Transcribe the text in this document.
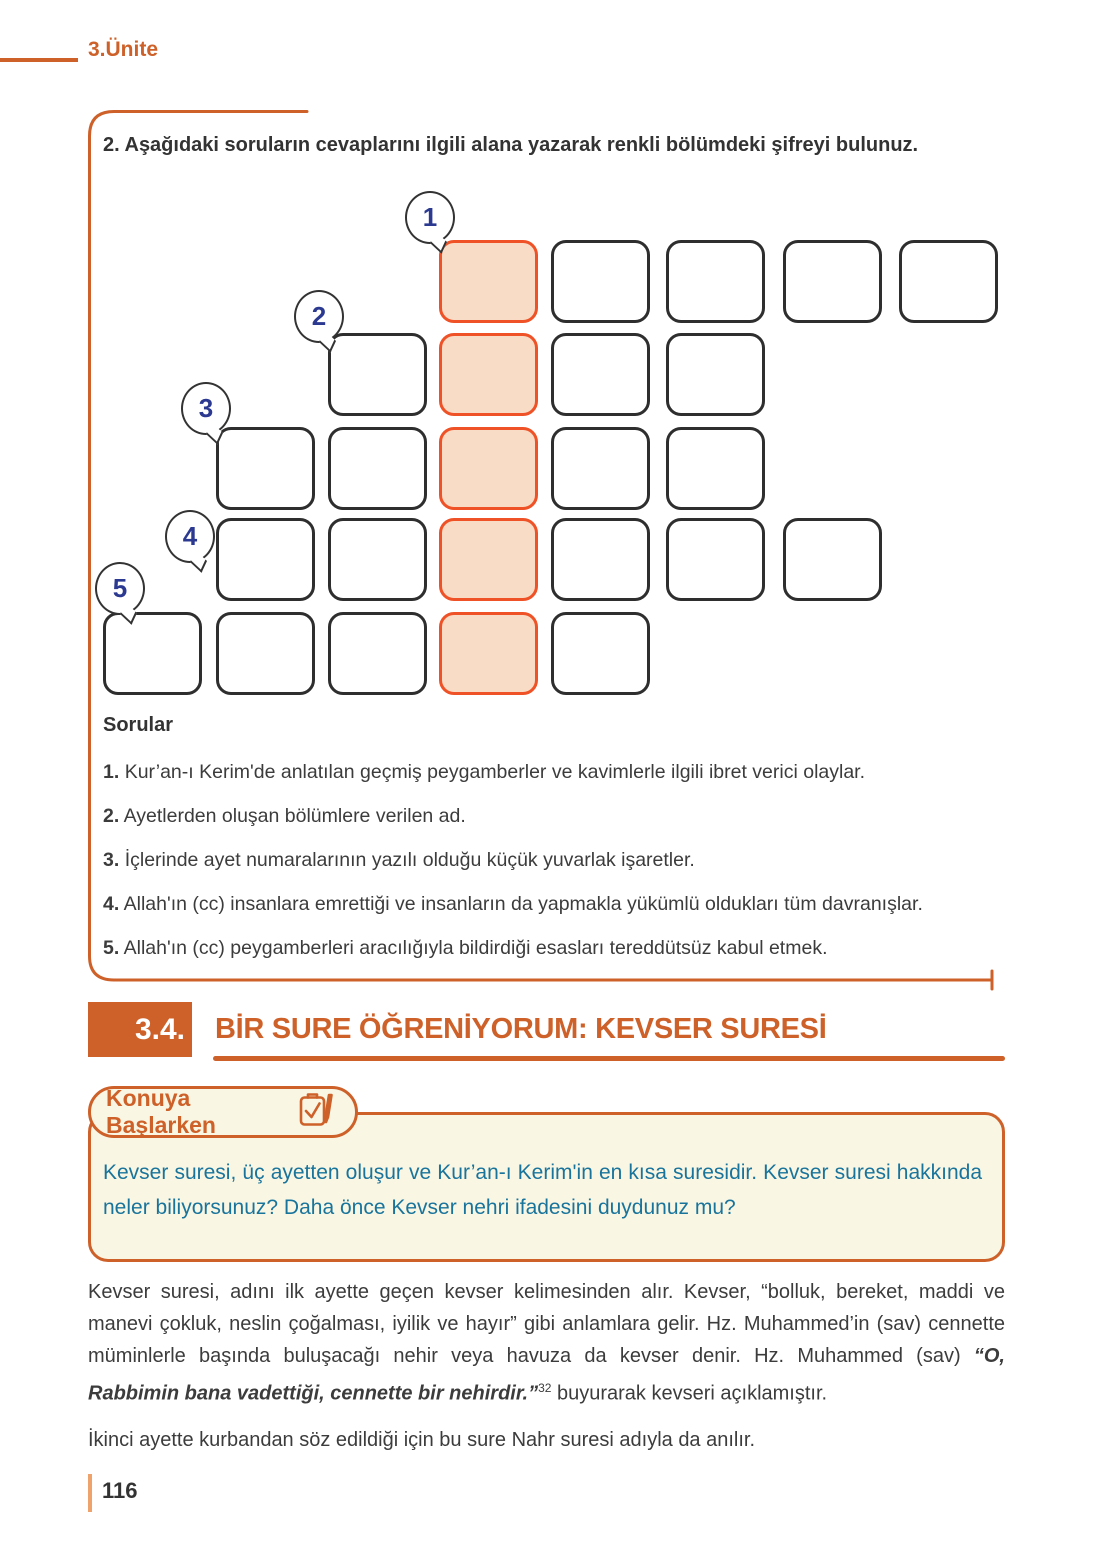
3.Ünite
2. Aşağıdaki soruların cevaplarını ilgili alana yazarak renkli bölümdeki şifreyi bulunuz.
1
2
3
4
5
Sorular

1. Kur’an-ı Kerim'de anlatılan geçmiş peygamberler ve kavimlerle ilgili ibret verici olaylar.

2. Ayetlerden oluşan bölümlere verilen ad.

3. İçlerinde ayet numaralarının yazılı olduğu küçük yuvarlak işaretler.

4. Allah'ın (cc) insanlara emrettiği ve insanların da yapmakla yükümlü oldukları tüm davranışlar.

5. Allah'ın (cc) peygamberleri aracılığıyla bildirdiği esasları tereddütsüz kabul etmek.

3.4. BİR SURE ÖĞRENİYORUM: KEVSER SURESİ
Konuya Başlarken

Kevser suresi, üç ayetten oluşur ve Kur’an-ı Kerim'in en kısa suresidir. Kevser suresi hakkında neler biliyorsunuz? Daha önce Kevser nehri ifadesini duydunuz mu?

Kevser suresi, adını ilk ayette geçen kevser kelimesinden alır. Kevser, “bolluk, bereket, maddi ve manevi çokluk, neslin çoğalması, iyilik ve hayır” gibi anlamlara gelir. Hz. Muhammed’in (sav) cennette müminlerle başında buluşacağı nehir veya havuza da kevser denir. Hz. Muhammed (sav) “O, Rabbimin bana vadettiği, cennette bir nehirdir.”$^{32}$ buyurarak kevseri açıklamıştır.

İkinci ayette kurbandan söz edildiği için bu sure Nahr suresi adıyla da anılır.

116
